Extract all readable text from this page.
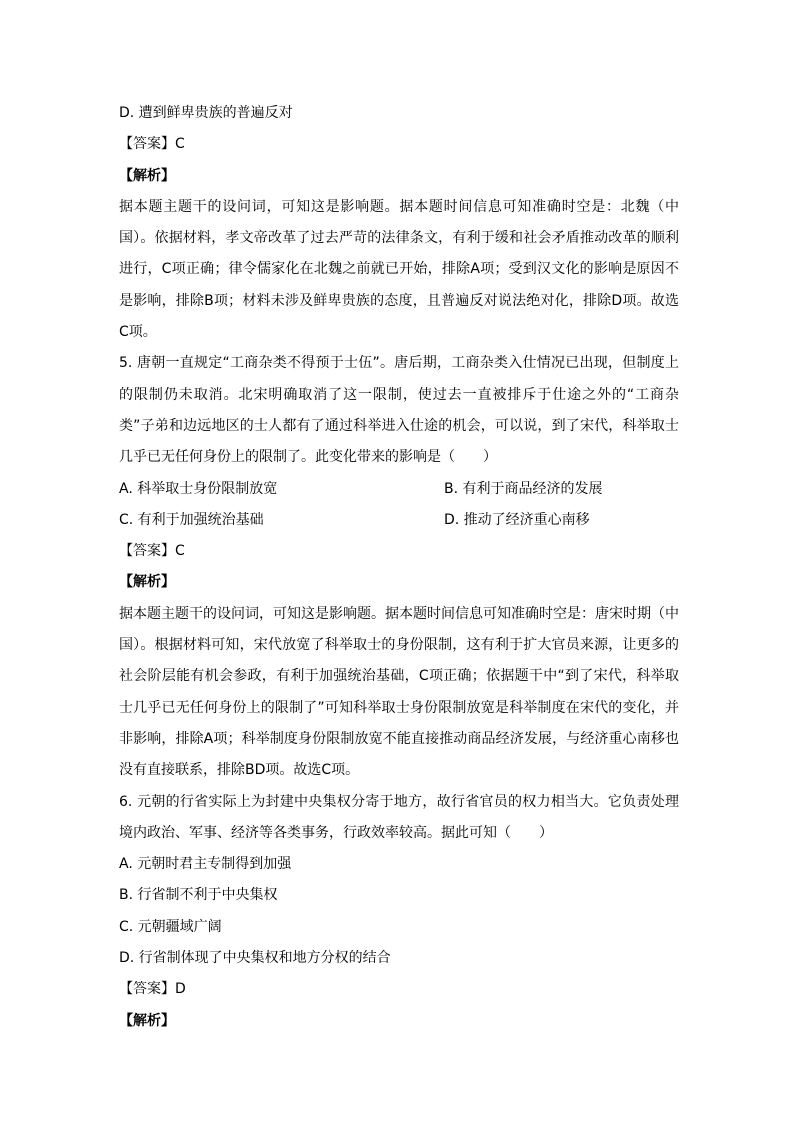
D. 遭到鲜卑贵族的普遍反对
【答案】C
【解析】
据本题主题干的设问词，可知这是影响题。据本题时间信息可知准确时空是：北魏（中国）。依据材料，孝文帝改革了过去严苛的法律条文，有利于缓和社会矛盾推动改革的顺利进行，C项正确；律令儒家化在北魏之前就已开始，排除A项；受到汉文化的影响是原因不是影响，排除B项；材料未涉及鲜卑贵族的态度，且普遍反对说法绝对化，排除D项。故选C项。
5. 唐朝一直规定“工商杂类不得预于士伍”。唐后期，工商杂类入仕情况已出现，但制度上的限制仍未取消。北宋明确取消了这一限制，使过去一直被排斥于仕途之外的“工商杂类”子弟和边远地区的士人都有了通过科举进入仕途的机会，可以说，到了宋代，科举取士几乎已无任何身份上的限制了。此变化带来的影响是（　　）
A. 科举取士身份限制放宽	B. 有利于商品经济的发展
C. 有利于加强统治基础	D. 推动了经济重心南移
【答案】C
【解析】
据本题主题干的设问词，可知这是影响题。据本题时间信息可知准确时空是：唐宋时期（中国）。根据材料可知，宋代放宽了科举取士的身份限制，这有利于扩大官员来源，让更多的社会阶层能有机会参政，有利于加强统治基础，C项正确；依据题干中“到了宋代，科举取士几乎已无任何身份上的限制了”可知科举取士身份限制放宽是科举制度在宋代的变化，并非影响，排除A项；科举制度身份限制放宽不能直接推动商品经济发展，与经济重心南移也没有直接联系，排除BD项。故选C项。
6. 元朝的行省实际上为封建中央集权分寄于地方，故行省官员的权力相当大。它负责处理境内政治、军事、经济等各类事务，行政效率较高。据此可知（　　）
A. 元朝时君主专制得到加强
B. 行省制不利于中央集权
C. 元朝疆域广阔
D. 行省制体现了中央集权和地方分权的结合
【答案】D
【解析】
